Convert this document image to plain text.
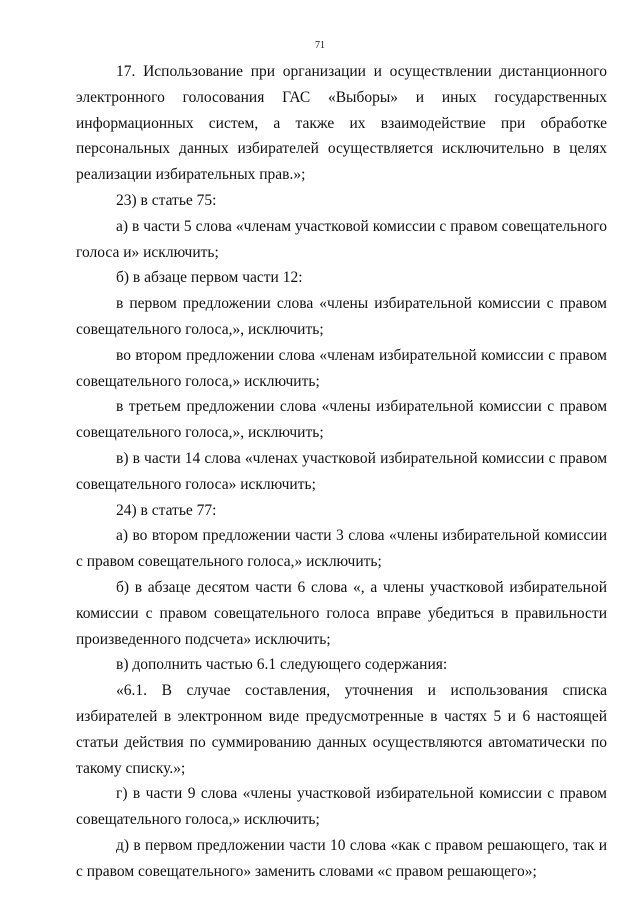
71

17. Использование при организации и осуществлении дистанционного электронного голосования ГАС «Выборы» и иных государственных информационных систем, а также их взаимодействие при обработке персональных данных избирателей осуществляется исключительно в целях реализации избирательных прав.»;

23) в статье 75:

а) в части 5 слова «членам участковой комиссии с правом совещательного голоса и» исключить;

б) в абзаце первом части 12:

в первом предложении слова «члены избирательной комиссии с правом совещательного голоса,», исключить;

во втором предложении слова «членам избирательной комиссии с правом совещательного голоса,» исключить;

в третьем предложении слова «члены избирательной комиссии с правом совещательного голоса,», исключить;

в) в части 14 слова «членах участковой избирательной комиссии с правом совещательного голоса» исключить;

24) в статье 77:

а) во втором предложении части 3 слова «члены избирательной комиссии с правом совещательного голоса,» исключить;

б) в абзаце десятом части 6 слова «, а члены участковой избирательной комиссии с правом совещательного голоса вправе убедиться в правильности произведенного подсчета» исключить;

в) дополнить частью 6.1 следующего содержания:

«6.1. В случае составления, уточнения и использования списка избирателей в электронном виде предусмотренные в частях 5 и 6 настоящей статьи действия по суммированию данных осуществляются автоматически по такому списку.»;

г) в части 9 слова «члены участковой избирательной комиссии с правом совещательного голоса,» исключить;

д) в первом предложении части 10 слова «как с правом решающего, так и с правом совещательного» заменить словами «с правом решающего»;
